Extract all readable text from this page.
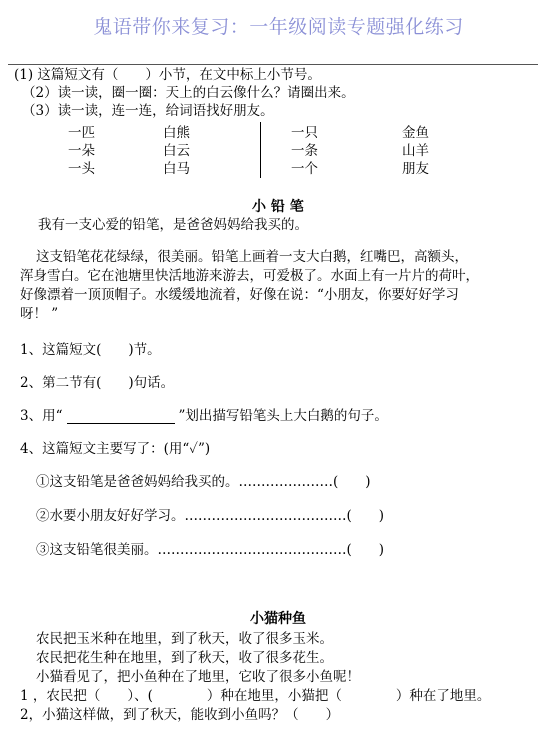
鬼语带你来复习：一年级阅读专题强化练习
(1) 这篇短文有（　　）小节，在文中标上小节号。
（2）读一读，圈一圈：天上的白云像什么？请圈出来。
（3）读一读，连一连，给词语找好朋友。
一匹
一朵
一头
白熊
白云
白马
一只
一条
一个
金鱼
山羊
朋友
小 铅 笔
我有一支心爱的铅笔，是爸爸妈妈给我买的。
这支铅笔花花绿绿，很美丽。铅笔上画着一支大白鹅，红嘴巴，高额头，
浑身雪白。它在池塘里快活地游来游去，可爱极了。水面上有一片片的荷叶，
好像漂着一顶顶帽子。水缓缓地流着，好像在说：“小朋友，你要好好学习
呀！ ”
1、这篇短文(　　)节。
2、第二节有(　　)句话。
3、用“	”划出描写铅笔头上大白鹅的句子。
4、这篇短文主要写了：(用“✓”)
①这支铅笔是爸爸妈妈给我买的。…………………(　　)
②水要小朋友好好学习。………………………………(　　)
③这支铅笔很美丽。……………………………………(　　)
小猫种鱼
农民把玉米种在地里，到了秋天，收了很多玉米。
农民把花生种在地里，到了秋天，收了很多花生。
小猫看见了，把小鱼种在了地里，它收了很多小鱼呢！
1 ，农民把（　　）、(　　　　）种在地里，小猫把（　　　　）种在了地里。
2，小猫这样做，到了秋天，能收到小鱼吗？（　　）
